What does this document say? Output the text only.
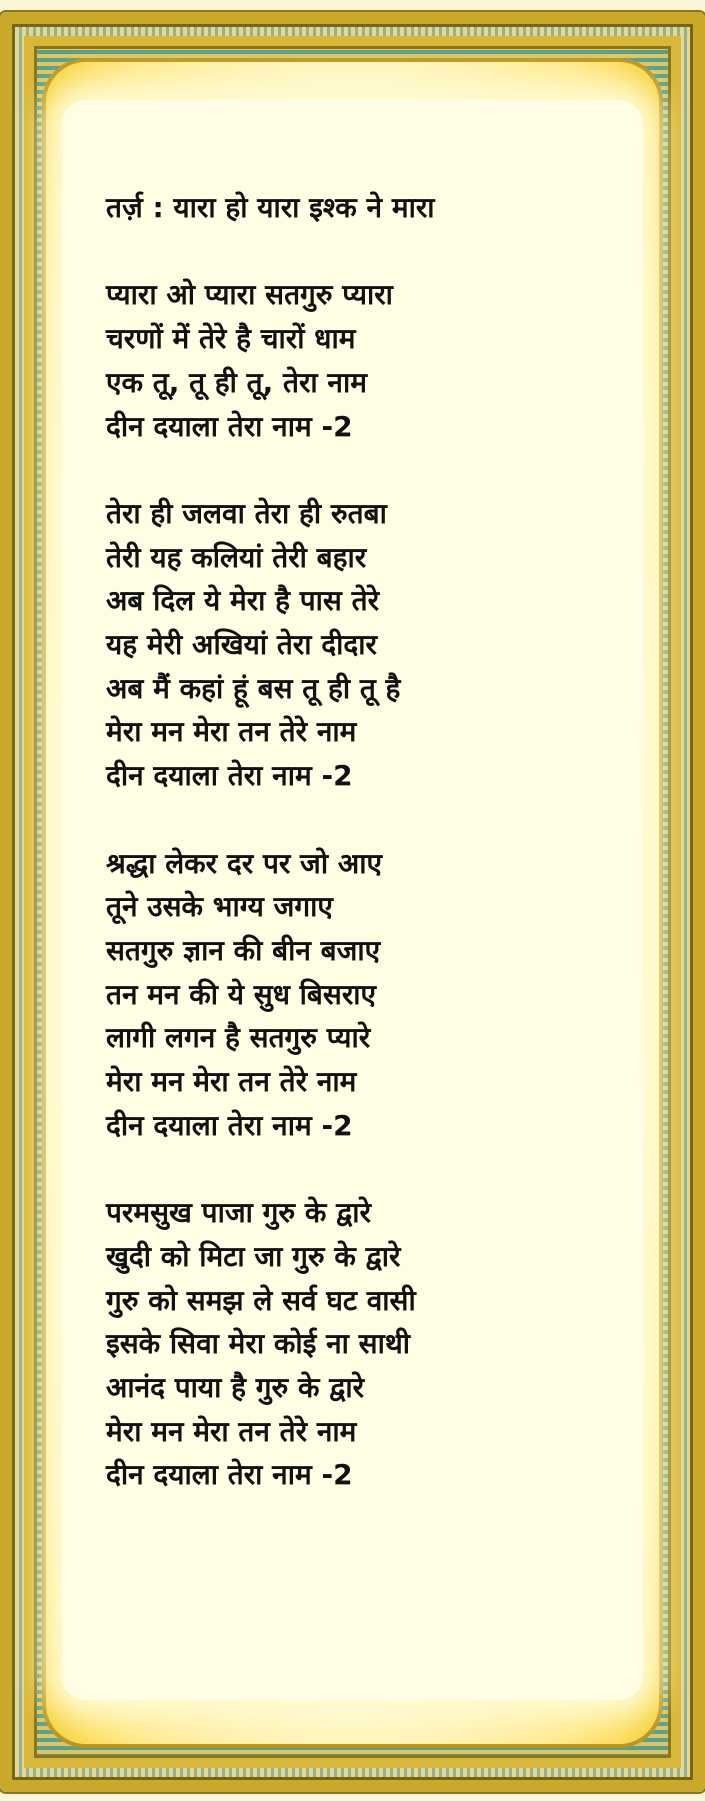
तर्ज़ : यारा हो यारा इश्क ने मारा
प्यारा ओ प्यारा सतगुरु प्यारा
चरणों में तेरे है चारों धाम
एक तू, तू ही तू, तेरा नाम
दीन दयाला तेरा नाम -2
तेरा ही जलवा तेरा ही रुतबा
तेरी यह कलियां तेरी बहार
अब दिल ये मेरा है पास तेरे
यह मेरी अखियां तेरा दीदार
अब मैं कहां हूं बस तू ही तू है
मेरा मन मेरा तन तेरे नाम
दीन दयाला तेरा नाम -2
श्रद्धा लेकर दर पर जो आए
तूने उसके भाग्य जगाए
सतगुरु ज्ञान की बीन बजाए
तन मन की ये सुध बिसराए
लागी लगन है सतगुरु प्यारे
मेरा मन मेरा तन तेरे नाम
दीन दयाला तेरा नाम -2
परमसुख पाजा गुरु के द्वारे
खुदी को मिटा जा गुरु के द्वारे
गुरु को समझ ले सर्व घट वासी
इसके सिवा मेरा कोई ना साथी
आनंद पाया है गुरु के द्वारे
मेरा मन मेरा तन तेरे नाम
दीन दयाला तेरा नाम -2
